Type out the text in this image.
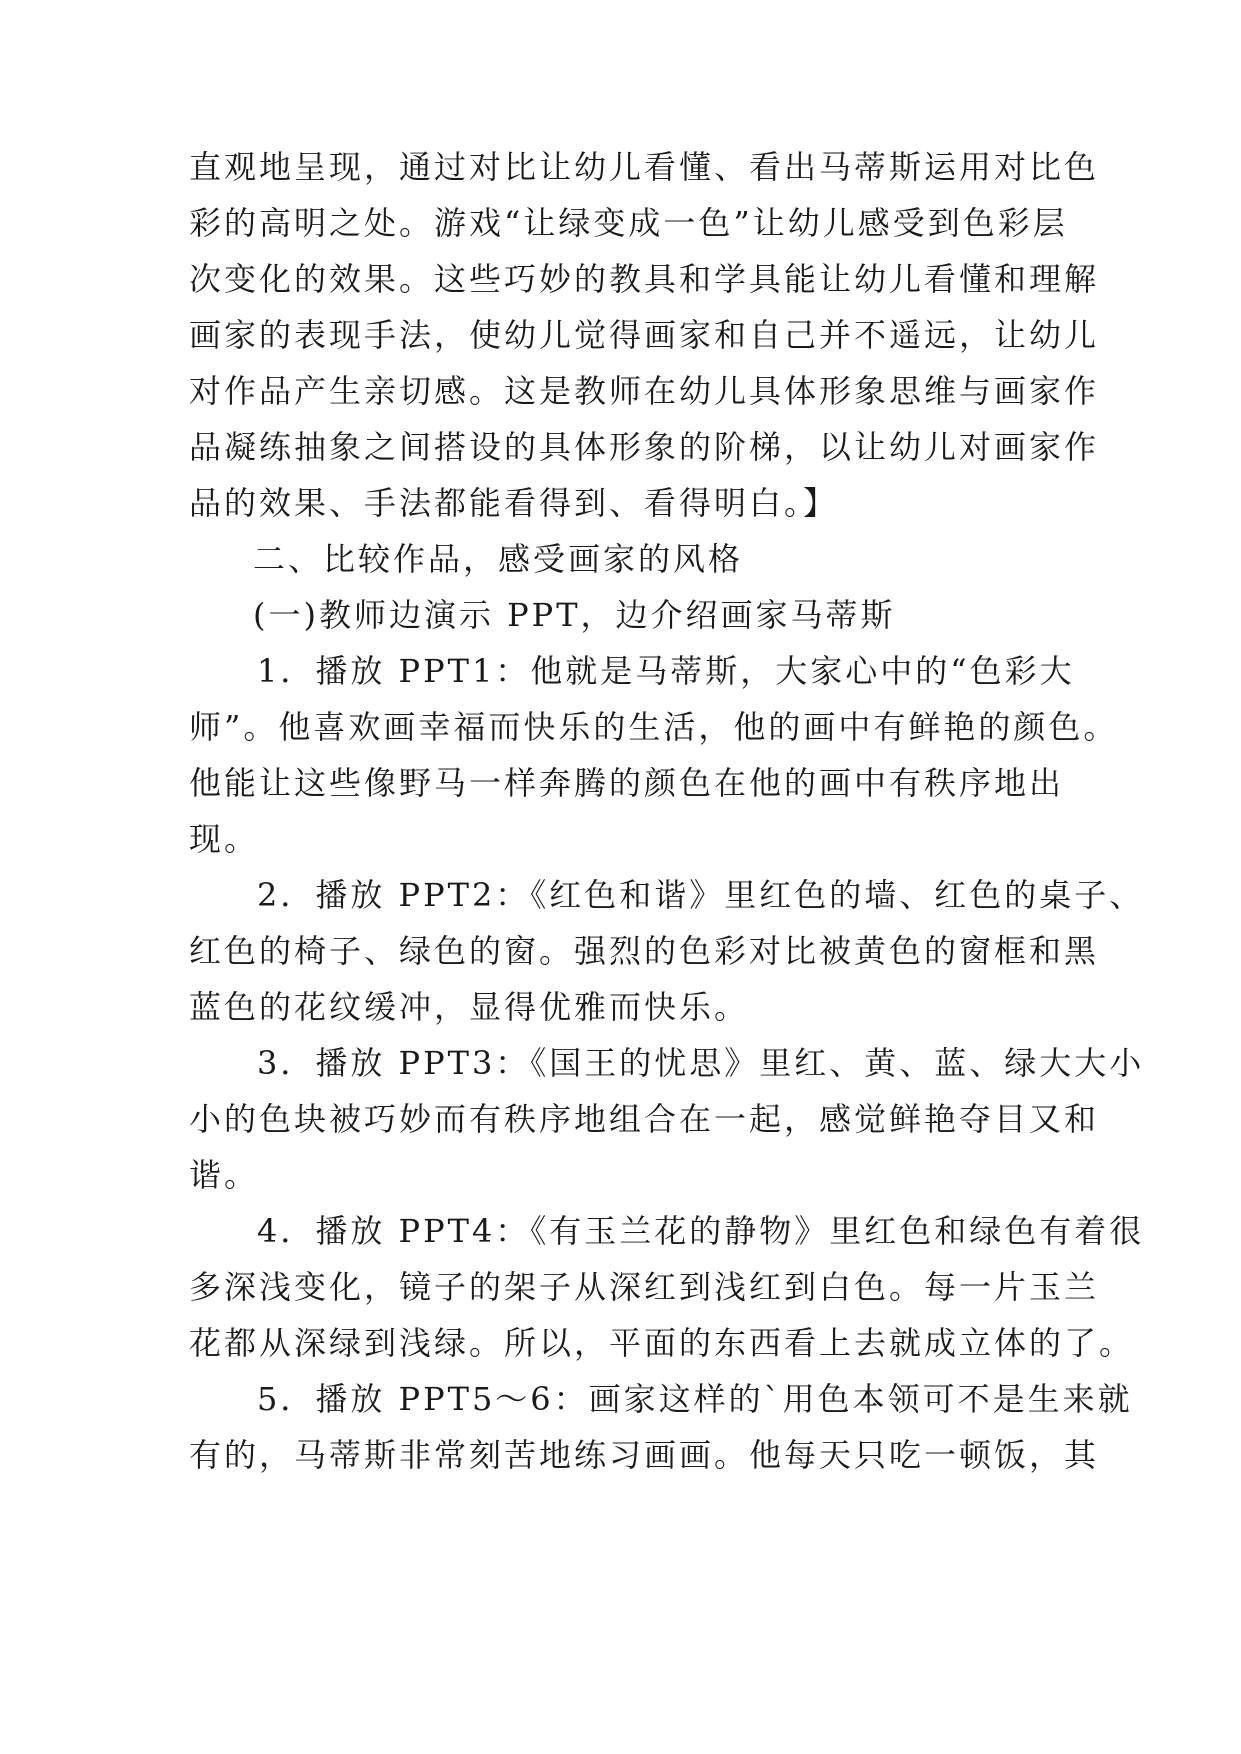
直观地呈现，通过对比让幼儿看懂、看出马蒂斯运用对比色
彩的高明之处。游戏“让绿变成一色”让幼儿感受到色彩层
次变化的效果。这些巧妙的教具和学具能让幼儿看懂和理解
画家的表现手法，使幼儿觉得画家和自己并不遥远，让幼儿
对作品产生亲切感。这是教师在幼儿具体形象思维与画家作
品凝练抽象之间搭设的具体形象的阶梯，以让幼儿对画家作
品的效果、手法都能看得到、看得明白。】
二、比较作品，感受画家的风格
(一)教师边演示 PPT，边介绍画家马蒂斯
1．播放 PPT1：他就是马蒂斯，大家心中的“色彩大
师”。他喜欢画幸福而快乐的生活，他的画中有鲜艳的颜色。
他能让这些像野马一样奔腾的颜色在他的画中有秩序地出
现。
2．播放 PPT2：《红色和谐》里红色的墙、红色的桌子、
红色的椅子、绿色的窗。强烈的色彩对比被黄色的窗框和黑
蓝色的花纹缓冲，显得优雅而快乐。
3．播放 PPT3：《国王的忧思》里红、黄、蓝、绿大大小
小的色块被巧妙而有秩序地组合在一起，感觉鲜艳夺目又和
谐。
4．播放 PPT4：《有玉兰花的静物》里红色和绿色有着很
多深浅变化，镜子的架子从深红到浅红到白色。每一片玉兰
花都从深绿到浅绿。所以，平面的东西看上去就成立体的了。
5．播放 PPT5～6：画家这样的`用色本领可不是生来就
有的，马蒂斯非常刻苦地练习画画。他每天只吃一顿饭，其
